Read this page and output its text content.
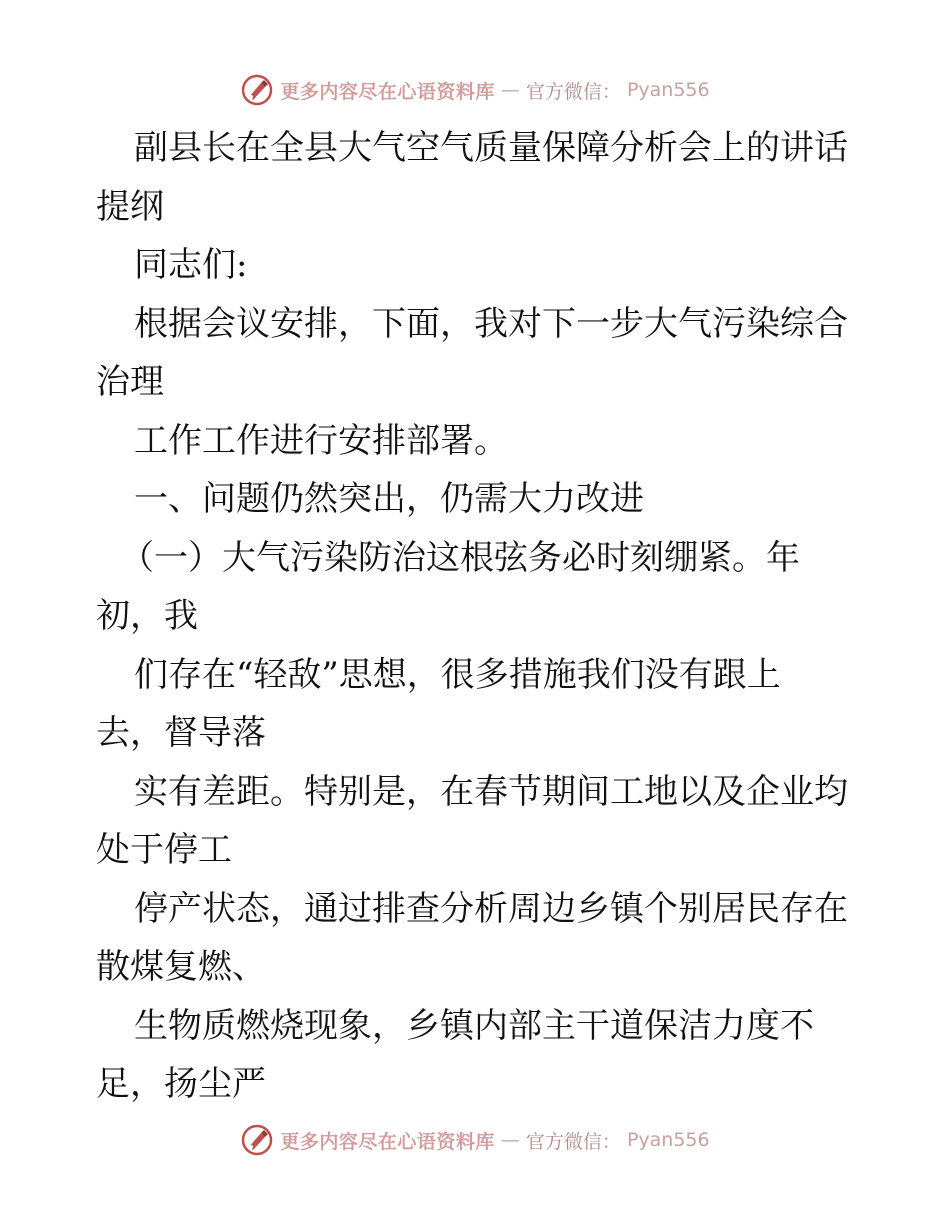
更多内容尽在心语资料库 — 官方微信： Pyan556
副县长在全县大气空气质量保障分析会上的讲话
提纲
同志们:
根据会议安排，下面，我对下一步大气污染综合
治理
工作工作进行安排部署。
一、问题仍然突出，仍需大力改进
（一）大气污染防治这根弦务必时刻绷紧。年
初，我
们存在“轻敌”思想，很多措施我们没有跟上
去，督导落
实有差距。特别是，在春节期间工地以及企业均
处于停工
停产状态，通过排查分析周边乡镇个别居民存在
散煤复燃、
生物质燃烧现象，乡镇内部主干道保洁力度不
足，扬尘严
更多内容尽在心语资料库 — 官方微信： Pyan556
